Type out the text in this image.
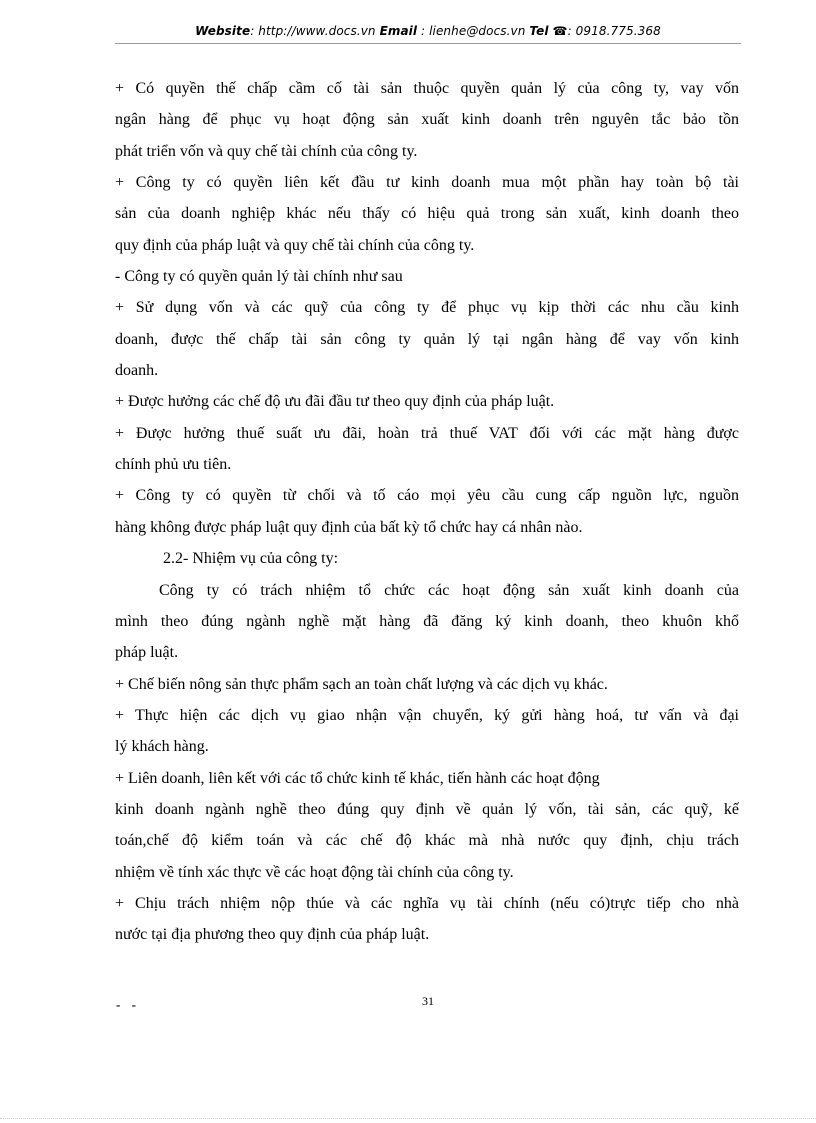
Website: http://www.docs.vn Email : lienhe@docs.vn Tel ☎: 0918.775.368
+ Có quyền thế chấp cầm cố tài sản thuộc quyền quản lý của công ty, vay vốn
ngân hàng để phục vụ hoạt động sản xuất kinh doanh trên nguyên tắc bảo tồn
phát triển vốn và quy chế tài chính của công ty.
+ Công ty có quyền liên kết đầu tư kinh doanh mua một phần hay toàn bộ tài
sản của doanh nghiệp khác nếu thấy có hiệu quả trong sản xuất, kinh doanh theo
quy định của pháp luật và quy chế tài chính của công ty.
- Công ty có quyền quản lý tài chính như sau
+ Sử dụng vốn và các quỹ của công ty để phục vụ kịp thời các nhu cầu kinh
doanh, được thế chấp tài sản công ty quản lý tại ngân hàng để vay vốn kinh
doanh.
+ Được hưởng các chế độ ưu đãi đầu tư theo quy định của pháp luật.
+ Được hưởng thuế suất ưu đãi, hoàn trả thuế VAT đối với các mặt hàng được
chính phủ ưu tiên.
+ Công ty có quyền từ chối và tố cáo mọi yêu cầu cung cấp nguồn lực, nguồn
hàng không được pháp luật quy định của bất kỳ tổ chức hay cá nhân nào.
2.2- Nhiệm vụ của công ty:
Công ty có trách nhiệm tổ chức các hoạt động sản xuất kinh doanh của
mình theo đúng ngành nghề mặt hàng đã đăng ký kinh doanh, theo khuôn khổ
pháp luật.
+ Chế biến nông sản thực phẩm sạch an toàn chất lượng và các dịch vụ khác.
+ Thực hiện các dịch vụ giao nhận vận chuyển, ký gửi hàng hoá, tư vấn và đại
lý khách hàng.
+ Liên doanh, liên kết với các tổ chức kinh tế khác, tiến hành các hoạt động
kinh doanh ngành nghề theo đúng quy định về quản lý vốn, tài sản, các quỹ, kế
toán,chế độ kiểm toán và các chế độ khác mà nhà nước quy định, chịu trách
nhiệm về tính xác thực về các hoạt động tài chính của công ty.
+ Chịu trách nhiệm nộp thúe và các nghĩa vụ tài chính (nếu có)trực tiếp cho nhà
nước tại địa phương theo quy định của pháp luật.
31
- -
